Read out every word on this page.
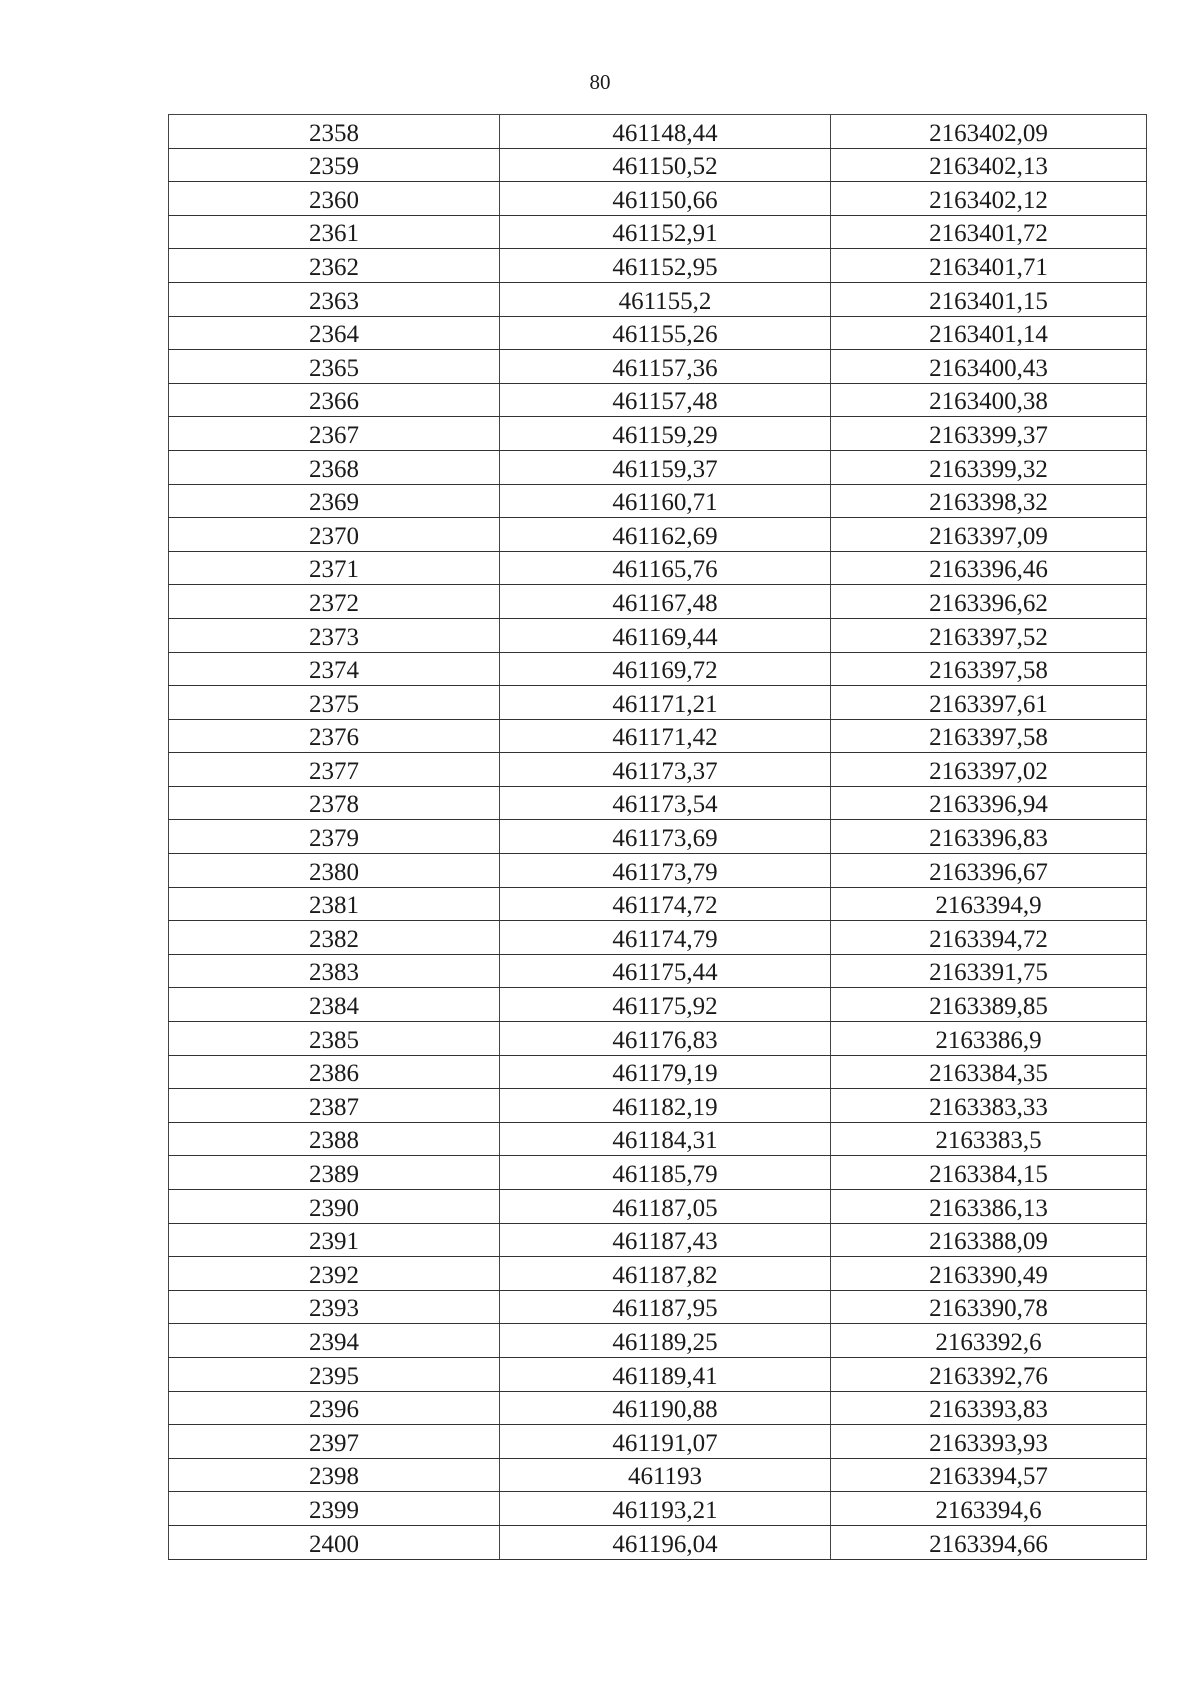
80
2358	461148,44	2163402,09
2359	461150,52	2163402,13
2360	461150,66	2163402,12
2361	461152,91	2163401,72
2362	461152,95	2163401,71
2363	461155,2	2163401,15
2364	461155,26	2163401,14
2365	461157,36	2163400,43
2366	461157,48	2163400,38
2367	461159,29	2163399,37
2368	461159,37	2163399,32
2369	461160,71	2163398,32
2370	461162,69	2163397,09
2371	461165,76	2163396,46
2372	461167,48	2163396,62
2373	461169,44	2163397,52
2374	461169,72	2163397,58
2375	461171,21	2163397,61
2376	461171,42	2163397,58
2377	461173,37	2163397,02
2378	461173,54	2163396,94
2379	461173,69	2163396,83
2380	461173,79	2163396,67
2381	461174,72	2163394,9
2382	461174,79	2163394,72
2383	461175,44	2163391,75
2384	461175,92	2163389,85
2385	461176,83	2163386,9
2386	461179,19	2163384,35
2387	461182,19	2163383,33
2388	461184,31	2163383,5
2389	461185,79	2163384,15
2390	461187,05	2163386,13
2391	461187,43	2163388,09
2392	461187,82	2163390,49
2393	461187,95	2163390,78
2394	461189,25	2163392,6
2395	461189,41	2163392,76
2396	461190,88	2163393,83
2397	461191,07	2163393,93
2398	461193	2163394,57
2399	461193,21	2163394,6
2400	461196,04	2163394,66
